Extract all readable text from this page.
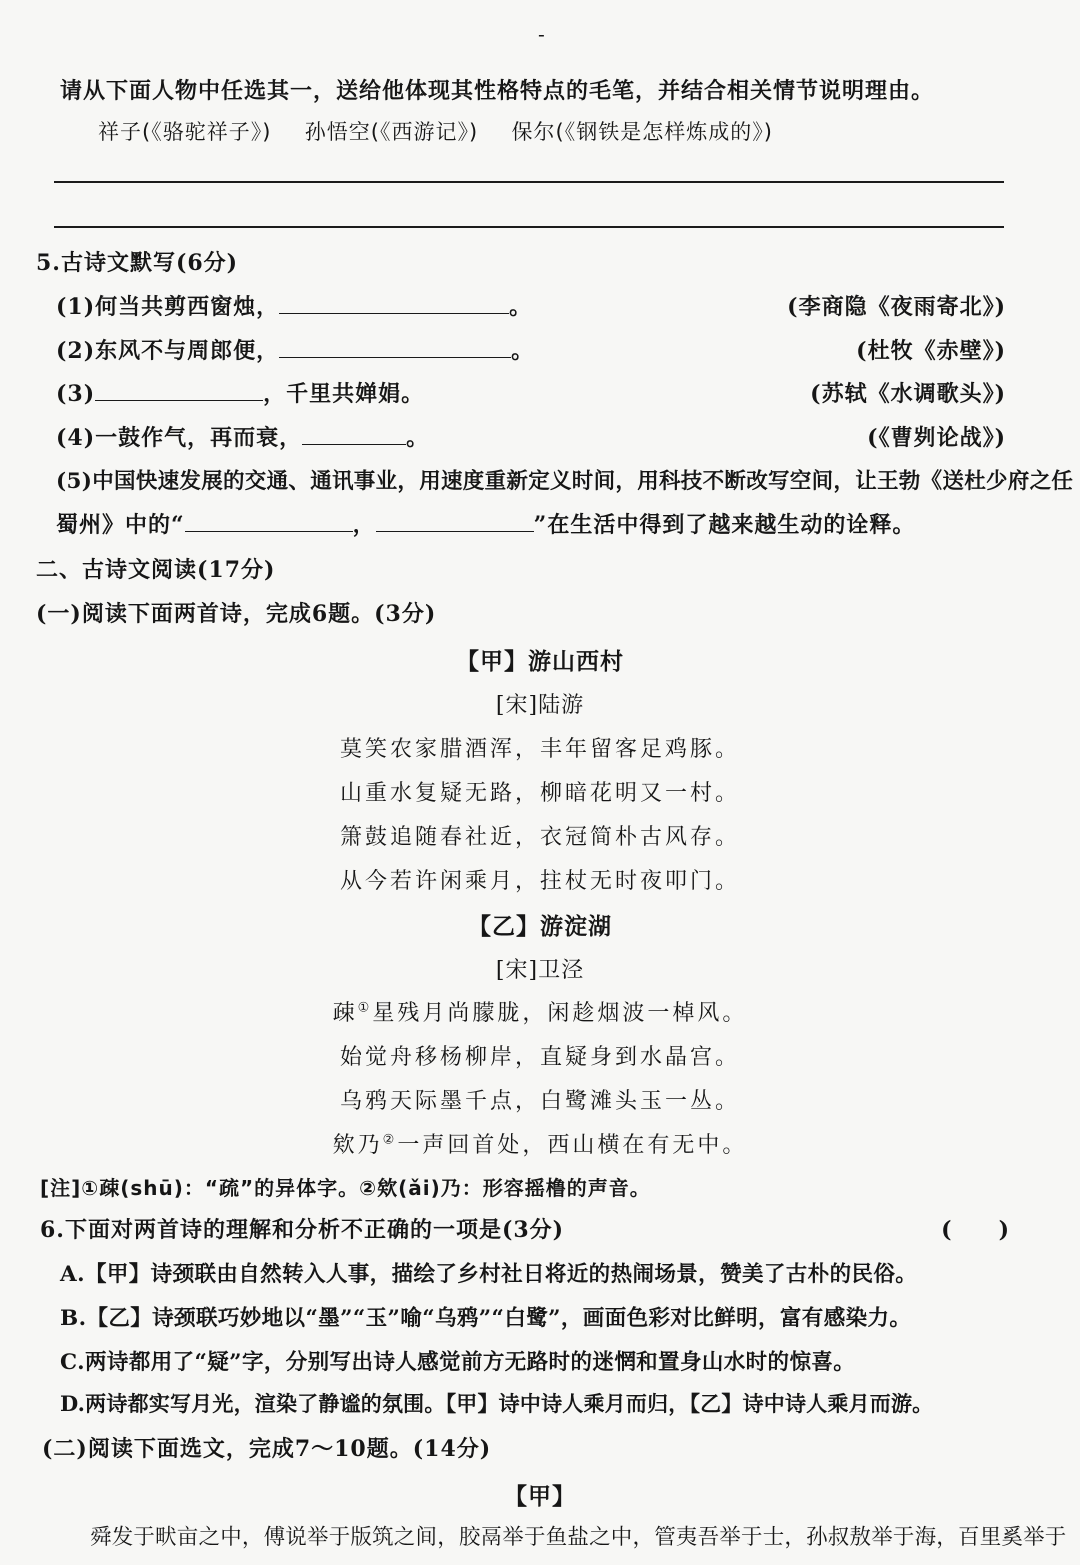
-
请从下面人物中任选其一，送给他体现其性格特点的毛笔，并结合相关情节说明理由。
祥子(《骆驼祥子》) 孙悟空(《西游记》) 保尔(《钢铁是怎样炼成的》)
5.古诗文默写(6分)
(1)何当共剪西窗烛，	。	(李商隐《夜雨寄北》)
(2)东风不与周郎便，	。	(杜牧《赤壁》)
(3)	，千里共婵娟。	(苏轼《水调歌头》)
(4)一鼓作气，再而衰，	。	(《曹刿论战》)
(5)中国快速发展的交通、通讯事业，用速度重新定义时间，用科技不断改写空间，让王勃《送杜少府之任
蜀州》中的“	，	”在生活中得到了越来越生动的诠释。
二、古诗文阅读(17分)
(一)阅读下面两首诗，完成6题。(3分)
【甲】游山西村
[宋]陆游
莫笑农家腊酒浑，丰年留客足鸡豚。
山重水复疑无路，柳暗花明又一村。
箫鼓追随春社近，衣冠简朴古风存。
从今若许闲乘月，拄杖无时夜叩门。
【乙】游淀湖
[宋]卫泾
疎①星残月尚朦胧，闲趁烟波一棹风。
始觉舟移杨柳岸，直疑身到水晶宫。
乌鸦天际墨千点，白鹭滩头玉一丛。
欸乃②一声回首处，西山横在有无中。
[注]①疎(shū)：“疏”的异体字。②欸(ǎi)乃：形容摇橹的声音。
6.下面对两首诗的理解和分析不正确的一项是(3分)	(　　)
A.【甲】诗颈联由自然转入人事，描绘了乡村社日将近的热闹场景，赞美了古朴的民俗。
B.【乙】诗颈联巧妙地以“墨”“玉”喻“乌鸦”“白鹭”，画面色彩对比鲜明，富有感染力。
C.两诗都用了“疑”字，分别写出诗人感觉前方无路时的迷惘和置身山水时的惊喜。
D.两诗都实写月光，渲染了静谧的氛围。【甲】诗中诗人乘月而归，【乙】诗中诗人乘月而游。
(二)阅读下面选文，完成7～10题。(14分)
【甲】
舜发于畎亩之中，傅说举于版筑之间，胶鬲举于鱼盐之中，管夷吾举于士，孙叔敖举于海，百里奚举于
